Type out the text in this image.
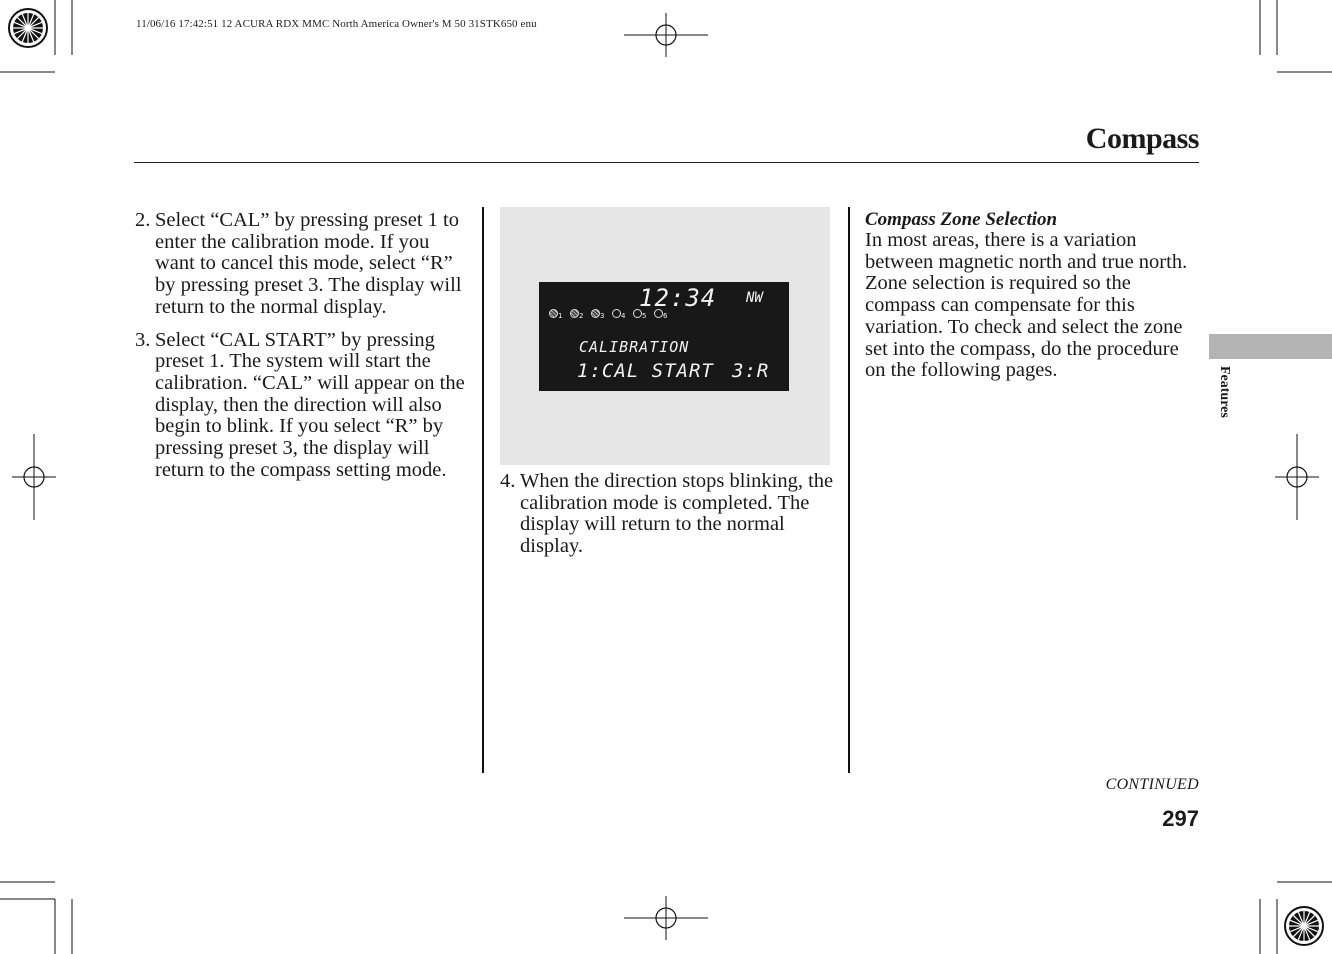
11/06/16 17:42:51 12 ACURA RDX MMC North America Owner's M 50 31STK650 enu
Compass
2. Select “CAL” by pressing preset 1 to enter the calibration mode. If you want to cancel this mode, select “R” by pressing preset 3. The display will return to the normal display.
3. Select “CAL START” by pressing preset 1. The system will start the calibration. “CAL” will appear on the display, then the direction will also begin to blink. If you select “R” by pressing preset 3, the display will return to the compass setting mode.
12:34 NW
1 2 3 4 5 6
CALIBRATION
1:CAL START 3:R
4. When the direction stops blinking, the calibration mode is completed. The display will return to the normal display.
Compass Zone Selection
In most areas, there is a variation between magnetic north and true north. Zone selection is required so the compass can compensate for this variation. To check and select the zone set into the compass, do the procedure on the following pages.	Features
CONTINUED
297
